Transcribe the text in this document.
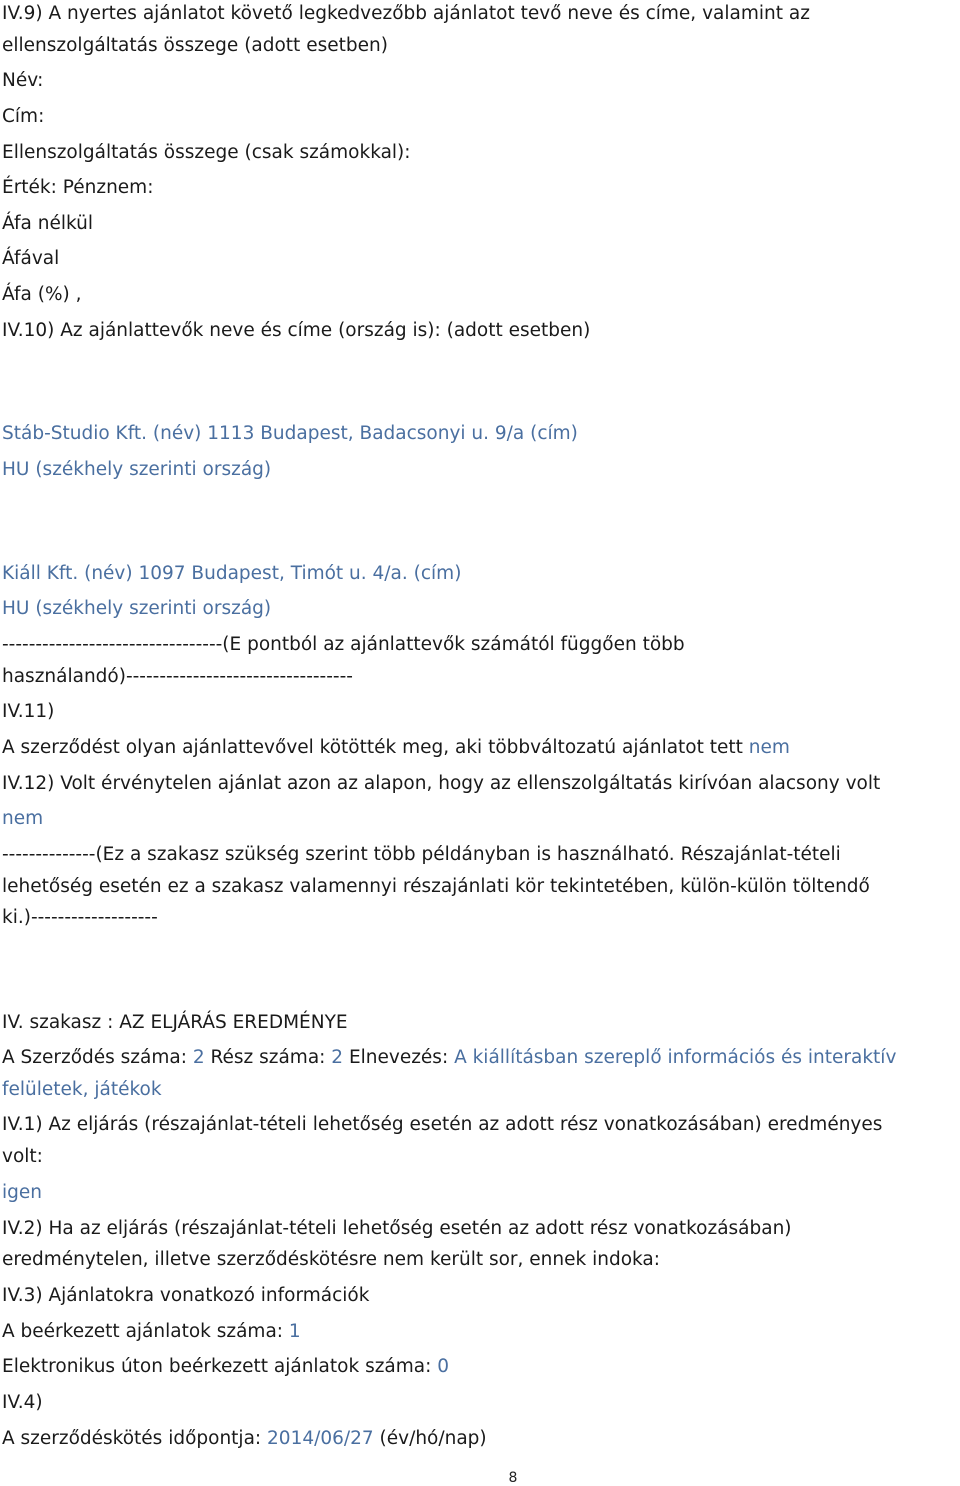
IV.9) A nyertes ajánlatot követő legkedvezőbb ajánlatot tevő neve és címe, valamint az
ellenszolgáltatás összege (adott esetben)
Név:
Cím:
Ellenszolgáltatás összege (csak számokkal):
Érték: Pénznem:
Áfa nélkül
Áfával
Áfa (%) ,
IV.10) Az ajánlattevők neve és címe (ország is): (adott esetben)
Stáb-Studio Kft. (név) 1113 Budapest, Badacsonyi u. 9/a (cím)
HU (székhely szerinti ország)
Kiáll Kft. (név) 1097 Budapest, Timót u. 4/a. (cím)
HU (székhely szerinti ország)
---------------------------------(E pontból az ajánlattevők számától függően több
használandó)----------------------------------
IV.11)
A szerződést olyan ajánlattevővel kötötték meg, aki többváltozatú ajánlatot tett nem
IV.12) Volt érvénytelen ajánlat azon az alapon, hogy az ellenszolgáltatás kirívóan alacsony volt
nem
--------------(Ez a szakasz szükség szerint több példányban is használható. Részajánlat-tételi
lehetőség esetén ez a szakasz valamennyi részajánlati kör tekintetében, külön-külön töltendő
ki.)-------------------
IV. szakasz : AZ ELJÁRÁS EREDMÉNYE
A Szerződés száma: 2 Rész száma: 2 Elnevezés: A kiállításban szereplő információs és interaktív
felületek, játékok
IV.1) Az eljárás (részajánlat-tételi lehetőség esetén az adott rész vonatkozásában) eredményes
volt:
igen
IV.2) Ha az eljárás (részajánlat-tételi lehetőség esetén az adott rész vonatkozásában)
eredménytelen, illetve szerződéskötésre nem került sor, ennek indoka:
IV.3) Ajánlatokra vonatkozó információk
A beérkezett ajánlatok száma: 1
Elektronikus úton beérkezett ajánlatok száma: 0
IV.4)
A szerződéskötés időpontja: 2014/06/27 (év/hó/nap)
8
